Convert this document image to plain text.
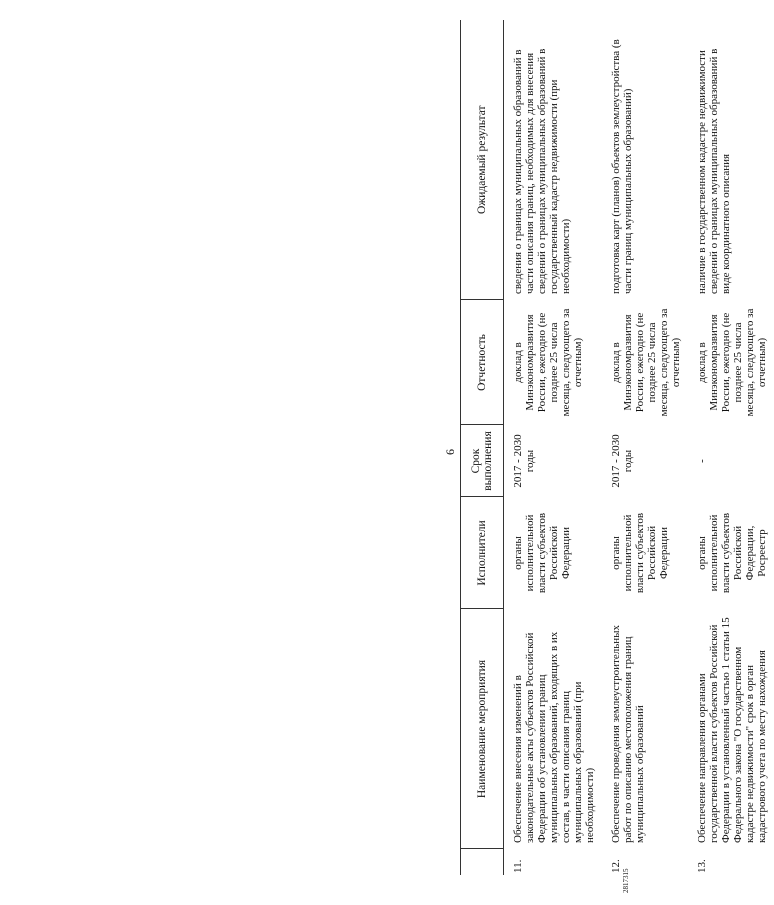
6
2817315
	Наименование мероприятия	Исполнители	Срок выполнения	Отчетность	Ожидаемый результат
11.	Обеспечение внесения изменений в законодательные акты субъектов Российской Федерации об установлении границ муниципальных образований, входящих в их состав, в части описания границ муниципальных образований (при необходимости)	органы исполнительной власти субъектов Российской Федерации	2017 - 2030 годы	доклад в Минэкономразвития России, ежегодно (не позднее 25 числа месяца, следующего за отчетным)	сведения о границах муниципальных образований в части описания границ, необходимых для внесения сведений о границах муниципальных образований в государственный кадастр недвижимости (при необходимости)
12.	Обеспечение проведения землеустроительных работ по описанию местоположения границ муниципальных образований	органы исполнительной власти субъектов Российской Федерации	2017 - 2030 годы	доклад в Минэкономразвития России, ежегодно (не позднее 25 числа месяца, следующего за отчетным)	подготовка карт (планов) объектов землеустройства (в части границ муниципальных образований)
13.	Обеспечение направления органами государственной власти субъектов Российской Федерации в установленный частью 1 статьи 15 Федерального закона "О государственном кадастре недвижимости" срок в орган кадастрового учета по месту нахождения	органы исполнительной власти субъектов Российской Федерации, Росреестр	-	доклад в Минэкономразвития России, ежегодно (не позднее 25 числа месяца, следующего за отчетным)	наличие в государственном кадастре недвижимости сведений о границах муниципальных образований в виде координатного описания
